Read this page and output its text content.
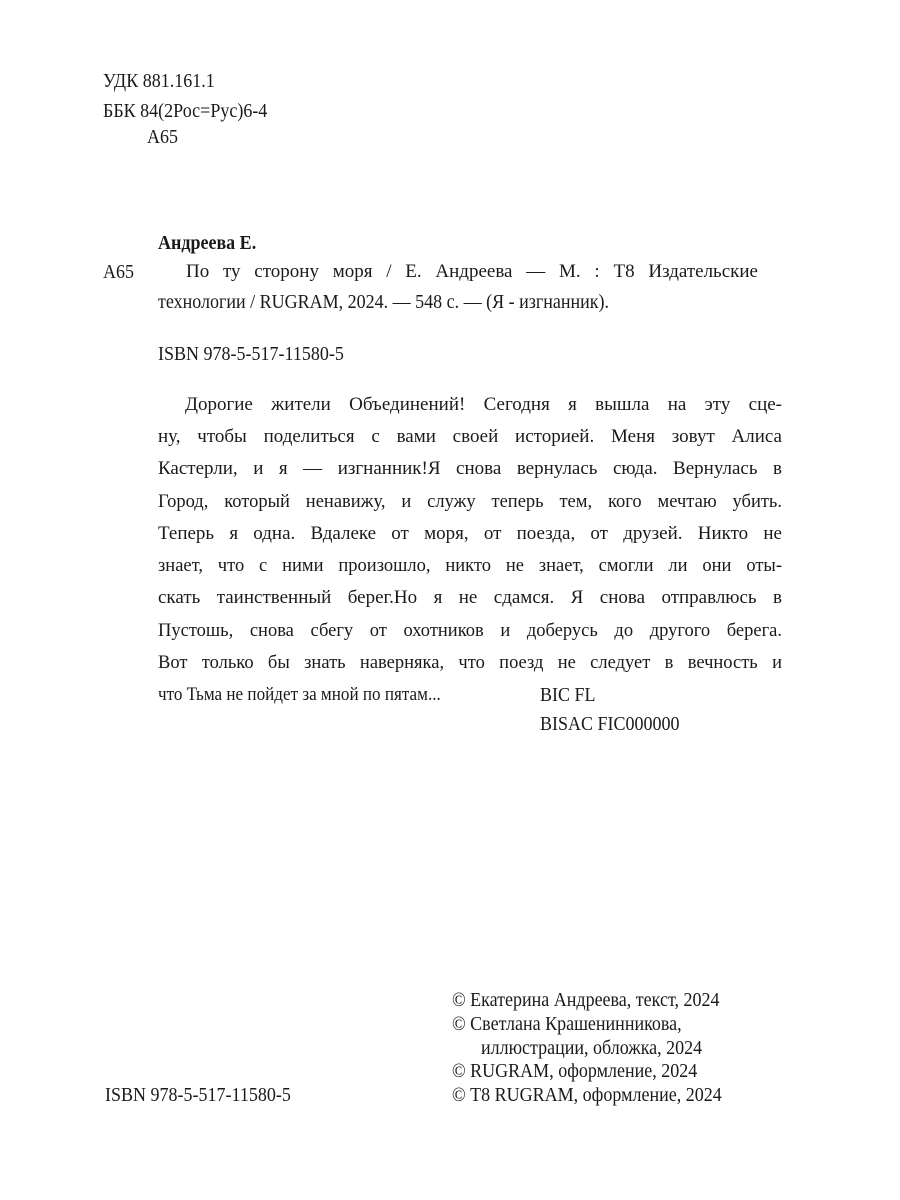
УДК 881.161.1
ББК 84(2Рос=Рус)6-4
А65
Андреева Е.
А65	По ту сторону моря / Е. Андреева — М. : Т8 Издательские
технологии / RUGRAM, 2024. — 548 с. — (Я - изгнанник).
ISBN 978-5-517-11580-5
Дорогие жители Объединений! Сегодня я вышла на эту сце-
ну, чтобы поделиться с вами своей историей. Меня зовут Алиса
Кастерли, и я — изгнанник!Я снова вернулась сюда. Вернулась в
Город, который ненавижу, и служу теперь тем, кого мечтаю убить.
Теперь я одна. Вдалеке от моря, от поезда, от друзей. Никто не
знает, что с ними произошло, никто не знает, смогли ли они оты-
скать таинственный берег.Но я не сдамся. Я снова отправлюсь в
Пустошь, снова сбегу от охотников и доберусь до другого берега.
Вот только бы знать наверняка, что поезд не следует в вечность и
что Тьма не пойдет за мной по пятам...	BIC FL
BISAC FIC000000
ISBN 978-5-517-11580-5
© Екатерина Андреева, текст, 2024
© Светлана Крашенинникова,
иллюстрации, обложка, 2024
© RUGRAM, оформление, 2024
© Т8 RUGRAM, оформление, 2024
